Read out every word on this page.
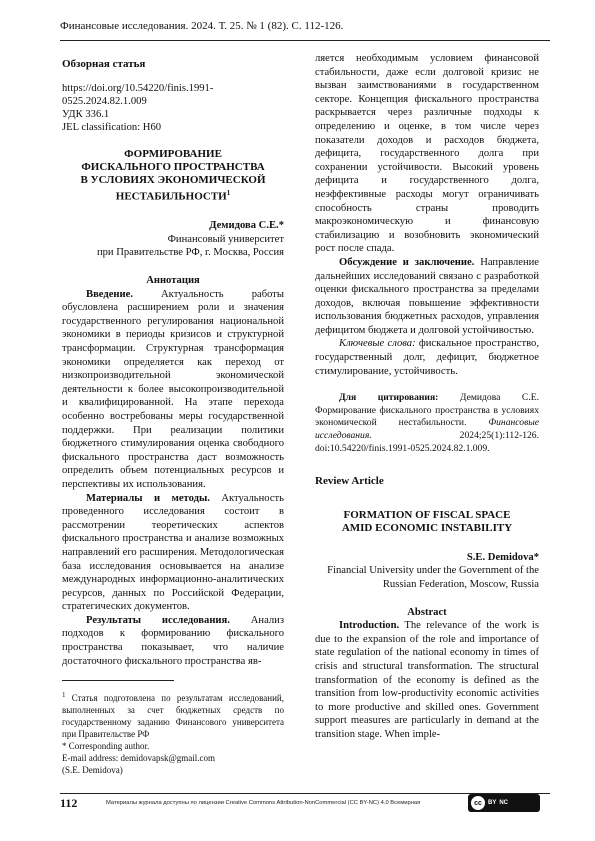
Финансовые исследования. 2024. Т. 25. № 1 (82). С. 112-126.
Обзорная статья
https://doi.org/10.54220/finis.1991-0525.2024.82.1.009
УДК 336.1
JEL classification: H60
ФОРМИРОВАНИЕ
ФИСКАЛЬНОГО ПРОСТРАНСТВА
В УСЛОВИЯХ ЭКОНОМИЧЕСКОЙ
НЕСТАБИЛЬНОСТИ$^1$
Демидова С.Е.*
Финансовый университет
при Правительстве РФ, г. Москва, Россия
Аннотация

Введение. Актуальность работы обусловлена расширением роли и значения государственного регулирования национальной экономики в периоды кризисов и структурной трансформации. Структурная трансформация экономики определяется как переход от низкопроизводительной экономической деятельности к более высокопроизводительной и квалифицированной. На этапе перехода особенно востребованы меры государственной поддержки. При реализации политики бюджетного стимулирования оценка свободного фискального пространства даст возможность определить объем потенциальных ресурсов и перспективы их использования.

Материалы и методы. Актуальность проведенного исследования состоит в рассмотрении теоретических аспектов фискального пространства и анализе возможных направлений его расширения. Методологическая база исследования основывается на анализе международных информационно-аналитических ресурсов, данных по Российской Федерации, стратегических документов.

Результаты исследования. Анализ подходов к формированию фискального пространства показывает, что наличие достаточного фискального пространства яв-

$^1$ Статья подготовлена по результатам исследований, выполненных за счет бюджетных средств по государственному заданию Финансового университета при Правительстве РФ
* Corresponding author.
E-mail address: demidovapsk@gmail.com
(S.E. Demidova)

ляется необходимым условием финансовой стабильности, даже если долговой кризис не вызван заимствованиями в государственном секторе. Концепция фискального пространства раскрывается через различные подходы к определению и оценке, в том числе через показатели доходов и расходов бюджета, дефицита, государственного долга при сохранении устойчивости. Высокий уровень дефицита и государственного долга, неэффективные расходы могут ограничивать способность страны проводить макроэкономическую и финансовую стабилизацию и возобновить экономический рост после спада.

Обсуждение и заключение. Направление дальнейших исследований связано с разработкой оценки фискального пространства за пределами доходов, включая повышение эффективности использования бюджетных расходов, управления дефицитом бюджета и долговой устойчивостью.

Ключевые слова: фискальное пространство, государственный долг, дефицит, бюджетное стимулирование, устойчивость.

Для цитирования: Демидова С.Е. Формирование фискального пространства в условиях экономической нестабильности. Финансовые исследования. 2024;25(1):112-126. doi:10.54220/finis.1991-0525.2024.82.1.009.

Review Article
FORMATION OF FISCAL SPACE
AMID ECONOMIC INSTABILITY
S.E. Demidova*
Financial University under the Government of the Russian Federation, Moscow, Russia
Abstract

Introduction. The relevance of the work is due to the expansion of the role and importance of state regulation of the national economy in times of crisis and structural transformation. The structural transformation of the economy is defined as the transition from low-productivity economic activities to more productive and skilled ones. Government support measures are particularly in demand at the transition stage. When imple-

112	Материалы журнала доступны по лицензии Creative Commons Attribution-NonCommercial (CC BY-NC) 4.0 Всемирная	cc	BY NC
